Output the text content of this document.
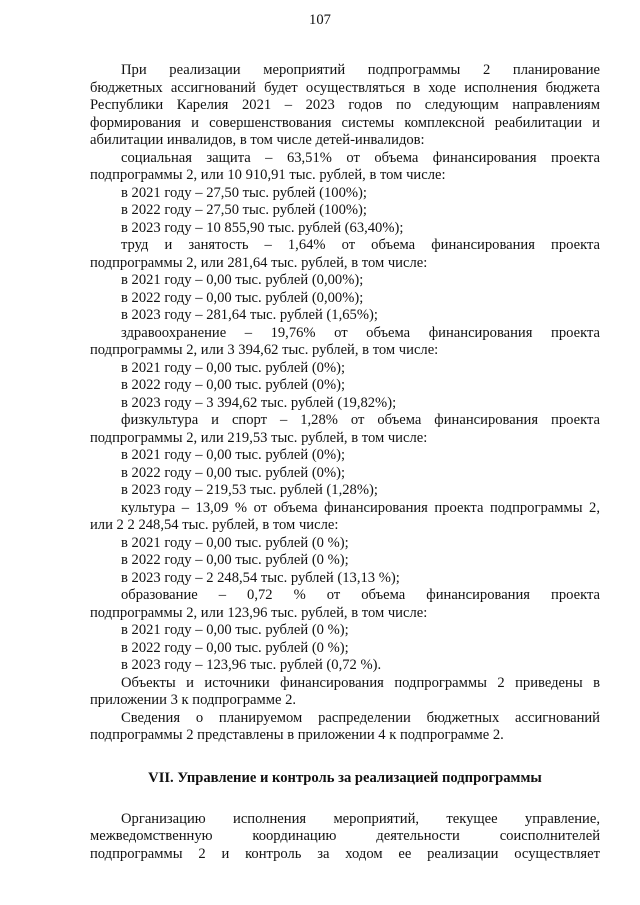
107

При реализации мероприятий подпрограммы 2 планирование

бюджетных ассигнований будет осуществляться в ходе исполнения бюджета

Республики Карелия 2021 – 2023 годов по следующим направлениям

формирования и совершенствования системы комплексной реабилитации и

абилитации инвалидов, в том числе детей-инвалидов:

социальная защита – 63,51% от объема финансирования проекта

подпрограммы 2, или 10 910,91 тыс. рублей, в том числе:

в 2021 году – 27,50 тыс. рублей (100%);

в 2022 году – 27,50 тыс. рублей (100%);

в 2023 году – 10 855,90 тыс. рублей (63,40%);

труд и занятость – 1,64% от объема финансирования проекта

подпрограммы 2, или 281,64 тыс. рублей, в том числе:

в 2021 году – 0,00 тыс. рублей (0,00%);

в 2022 году – 0,00 тыс. рублей (0,00%);

в 2023 году – 281,64 тыс. рублей (1,65%);

здравоохранение – 19,76% от объема финансирования проекта

подпрограммы 2, или 3 394,62 тыс. рублей, в том числе:

в 2021 году – 0,00 тыс. рублей (0%);

в 2022 году – 0,00 тыс. рублей (0%);

в 2023 году – 3 394,62 тыс. рублей (19,82%);

физкультура и спорт – 1,28% от объема финансирования проекта

подпрограммы 2, или 219,53 тыс. рублей, в том числе:

в 2021 году – 0,00 тыс. рублей (0%);

в 2022 году – 0,00 тыс. рублей (0%);

в 2023 году – 219,53 тыс. рублей (1,28%);

культура – 13,09 % от объема финансирования проекта подпрограммы 2,

или 2 2 248,54 тыс. рублей, в том числе:

в 2021 году – 0,00 тыс. рублей (0 %);

в 2022 году – 0,00 тыс. рублей (0 %);

в 2023 году – 2 248,54 тыс. рублей (13,13 %);

образование – 0,72 % от объема финансирования проекта

подпрограммы 2, или 123,96 тыс. рублей, в том числе:

в 2021 году – 0,00 тыс. рублей (0 %);

в 2022 году – 0,00 тыс. рублей (0 %);

в 2023 году – 123,96 тыс. рублей (0,72 %).

Объекты и источники финансирования подпрограммы 2 приведены в

приложении 3 к подпрограмме 2.

Сведения о планируемом распределении бюджетных ассигнований

подпрограммы 2 представлены в приложении 4 к подпрограмме 2.

VII. Управление и контроль за реализацией подпрограммы

Организацию исполнения мероприятий, текущее управление,

межведомственную координацию деятельности соисполнителей

подпрограммы 2 и контроль за ходом ее реализации осуществляет
